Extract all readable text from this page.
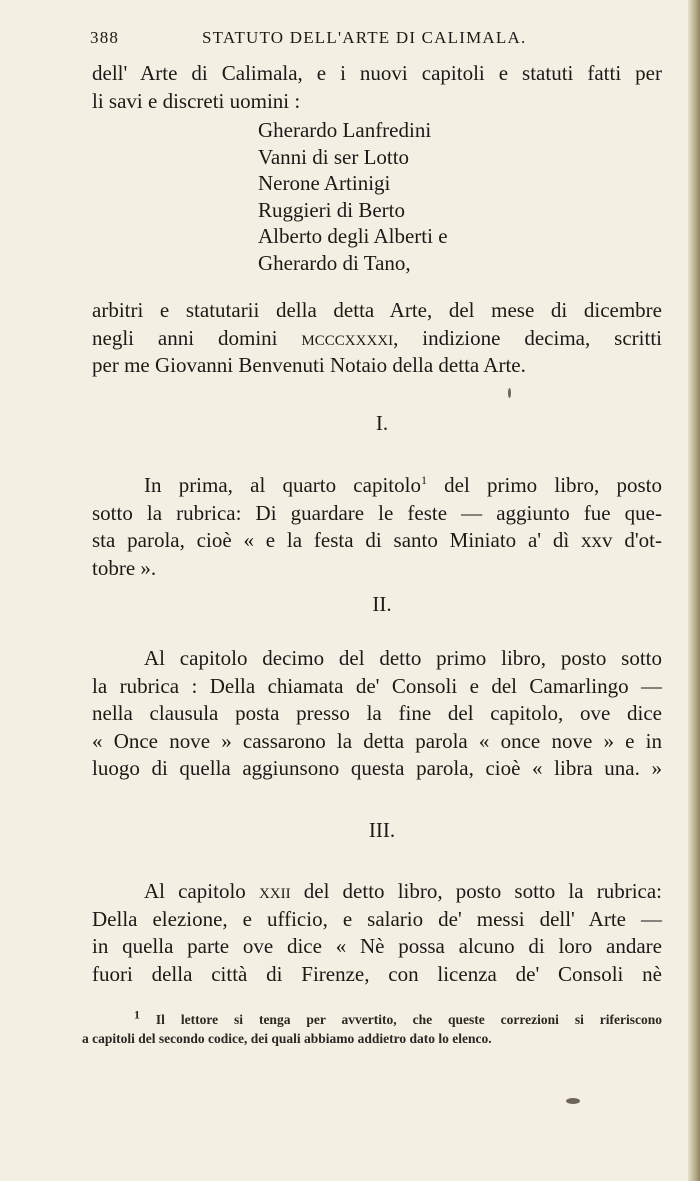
388	STATUTO DELL'ARTE DI CALIMALA.
dell' Arte di Calimala, e i nuovi capitoli e statuti fatti per
li savi e discreti uomini :
Gherardo Lanfredini
Vanni di ser Lotto
Nerone Artinigi
Ruggieri di Berto
Alberto degli Alberti e
Gherardo di Tano,
arbitri e statutarii della detta Arte, del mese di dicembre
negli anni domini mcccxxxxi, indizione decima, scritti
per me Giovanni Benvenuti Notaio della detta Arte.
I.
In prima, al quarto capitolo$^1$ del primo libro, posto
sotto la rubrica: Di guardare le feste — aggiunto fue que-
sta parola, cioè « e la festa di santo Miniato a' dì xxv d'ot-
tobre ».
II.
Al capitolo decimo del detto primo libro, posto sotto
la rubrica : Della chiamata de' Consoli e del Camarlingo —
nella clausula posta presso la fine del capitolo, ove dice
« Once nove » cassarono la detta parola « once nove » e in
luogo di quella aggiunsono questa parola, cioè « libra una. »
III.
Al capitolo xxii del detto libro, posto sotto la rubrica:
Della elezione, e ufficio, e salario de' messi dell' Arte —
in quella parte ove dice « Nè possa alcuno di loro andare
fuori della città di Firenze, con licenza de' Consoli nè
$^1$ Il lettore si tenga per avvertito, che queste correzioni si riferiscono
a capitoli del secondo codice, dei quali abbiamo addietro dato lo elenco.
